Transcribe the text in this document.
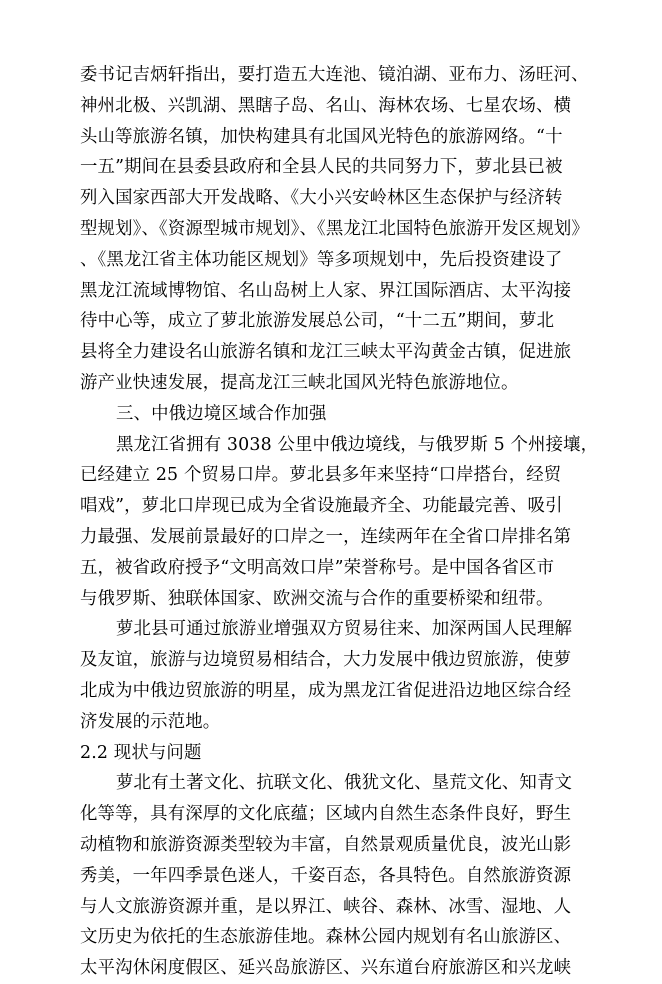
委书记吉炳轩指出，要打造五大连池、镜泊湖、亚布力、汤旺河、
神州北极、兴凯湖、黑瞎子岛、名山、海林农场、七星农场、横
头山等旅游名镇，加快构建具有北国风光特色的旅游网络。“十
一五”期间在县委县政府和全县人民的共同努力下，萝北县已被
列入国家西部大开发战略、《大小兴安岭林区生态保护与经济转
型规划》、《资源型城市规划》、《黑龙江北国特色旅游开发区规划》
、《黑龙江省主体功能区规划》等多项规划中，先后投资建设了
黑龙江流域博物馆、名山岛树上人家、界江国际酒店、太平沟接
待中心等，成立了萝北旅游发展总公司，“十二五”期间，萝北
县将全力建设名山旅游名镇和龙江三峡太平沟黄金古镇，促进旅
游产业快速发展，提高龙江三峡北国风光特色旅游地位。
三、中俄边境区域合作加强
黑龙江省拥有 3038 公里中俄边境线，与俄罗斯 5 个州接壤，
已经建立 25 个贸易口岸。萝北县多年来坚持“口岸搭台，经贸
唱戏”，萝北口岸现已成为全省设施最齐全、功能最完善、吸引
力最强、发展前景最好的口岸之一，连续两年在全省口岸排名第
五，被省政府授予“文明高效口岸”荣誉称号。是中国各省区市
与俄罗斯、独联体国家、欧洲交流与合作的重要桥梁和纽带。
萝北县可通过旅游业增强双方贸易往来、加深两国人民理解
及友谊，旅游与边境贸易相结合，大力发展中俄边贸旅游，使萝
北成为中俄边贸旅游的明星，成为黑龙江省促进沿边地区综合经
济发展的示范地。
2.2 现状与问题
萝北有土著文化、抗联文化、俄犹文化、垦荒文化、知青文
化等等，具有深厚的文化底蕴；区域内自然生态条件良好，野生
动植物和旅游资源类型较为丰富，自然景观质量优良，波光山影
秀美，一年四季景色迷人，千姿百态，各具特色。自然旅游资源
与人文旅游资源并重，是以界江、峡谷、森林、冰雪、湿地、人
文历史为依托的生态旅游佳地。森林公园内规划有名山旅游区、
太平沟休闲度假区、延兴岛旅游区、兴东道台府旅游区和兴龙峡
